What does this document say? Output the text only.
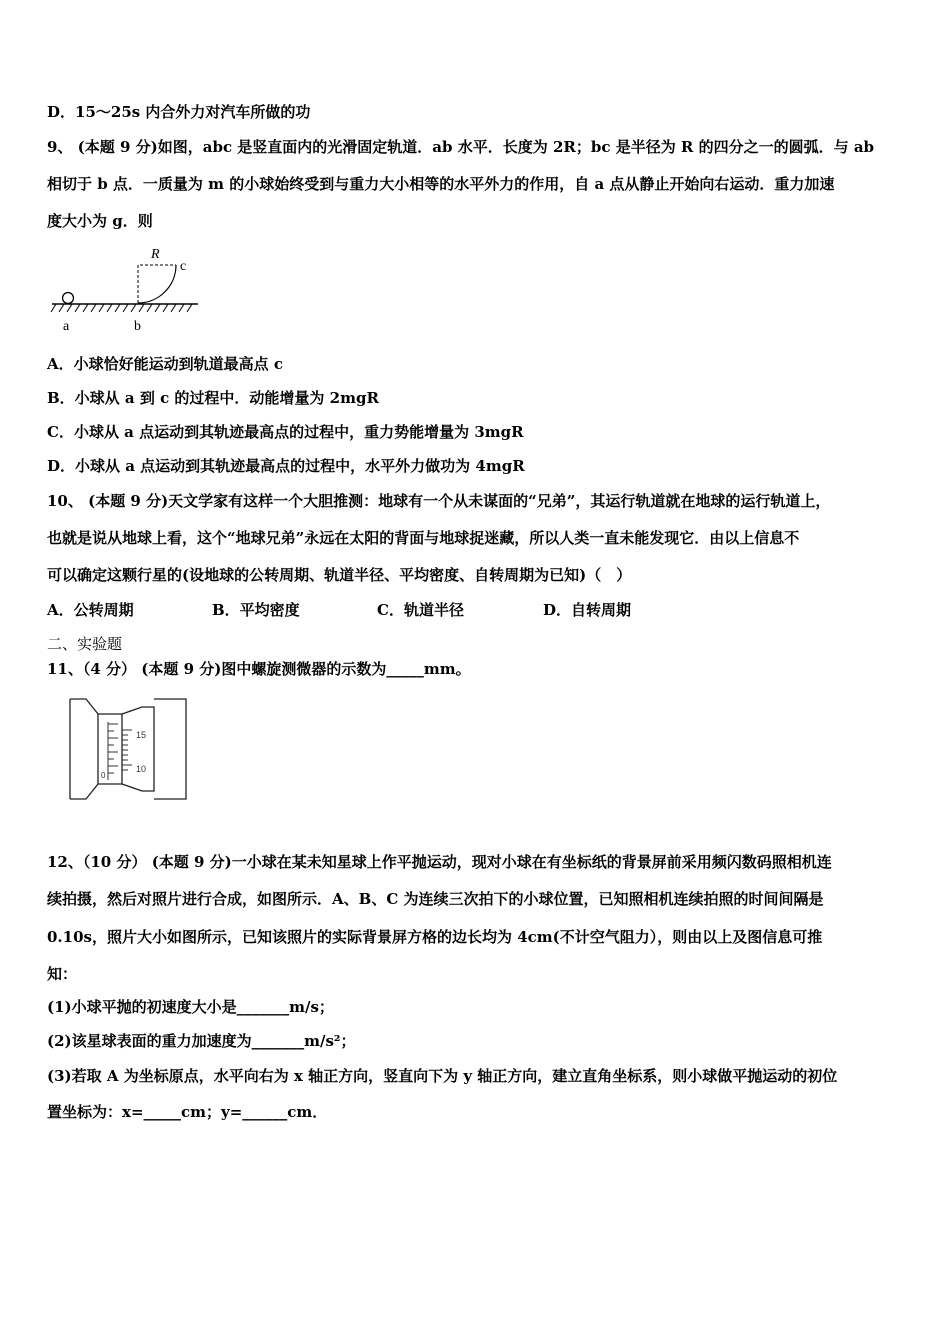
D．15～25s 内合外力对汽车所做的功
9、 (本题 9 分)如图，abc 是竖直面内的光滑固定轨道．ab 水平．长度为 2R；bc 是半径为 R 的四分之一的圆弧．与 ab
相切于 b 点．一质量为 m 的小球始终受到与重力大小相等的水平外力的作用，自 a 点从静止开始向右运动．重力加速
度大小为 g．则
R
c
a	b
A．小球恰好能运动到轨道最高点 c
B．小球从 a 到 c 的过程中．动能增量为 2mgR
C．小球从 a 点运动到其轨迹最高点的过程中，重力势能增量为 3mgR
D．小球从 a 点运动到其轨迹最高点的过程中，水平外力做功为 4mgR
10、 (本题 9 分)天文学家有这样一个大胆推测：地球有一个从未谋面的“兄弟”，其运行轨道就在地球的运行轨道上，
也就是说从地球上看，这个“地球兄弟”永远在太阳的背面与地球捉迷藏，所以人类一直未能发现它．由以上信息不
可以确定这颗行星的(设地球的公转周期、轨道半径、平均密度、自转周期为已知)（　）
A．公转周期	B．平均密度	C．轨道半径	D．自转周期
二、实验题
11、（4 分） (本题 9 分)图中螺旋测微器的示数为_____mm。
15
10
0
12、（10 分） (本题 9 分)一小球在某未知星球上作平抛运动，现对小球在有坐标纸的背景屏前采用频闪数码照相机连
续拍摄，然后对照片进行合成，如图所示．A、B、C 为连续三次拍下的小球位置，已知照相机连续拍照的时间间隔是
0.10s，照片大小如图所示，已知该照片的实际背景屏方格的边长均为 4cm(不计空气阻力），则由以上及图信息可推
知：
(1)小球平抛的初速度大小是_______m/s；
(2)该星球表面的重力加速度为_______m/s²；
(3)若取 A 为坐标原点，水平向右为 x 轴正方向，竖直向下为 y 轴正方向，建立直角坐标系，则小球做平抛运动的初位
置坐标为：x=_____cm；y=______cm．
